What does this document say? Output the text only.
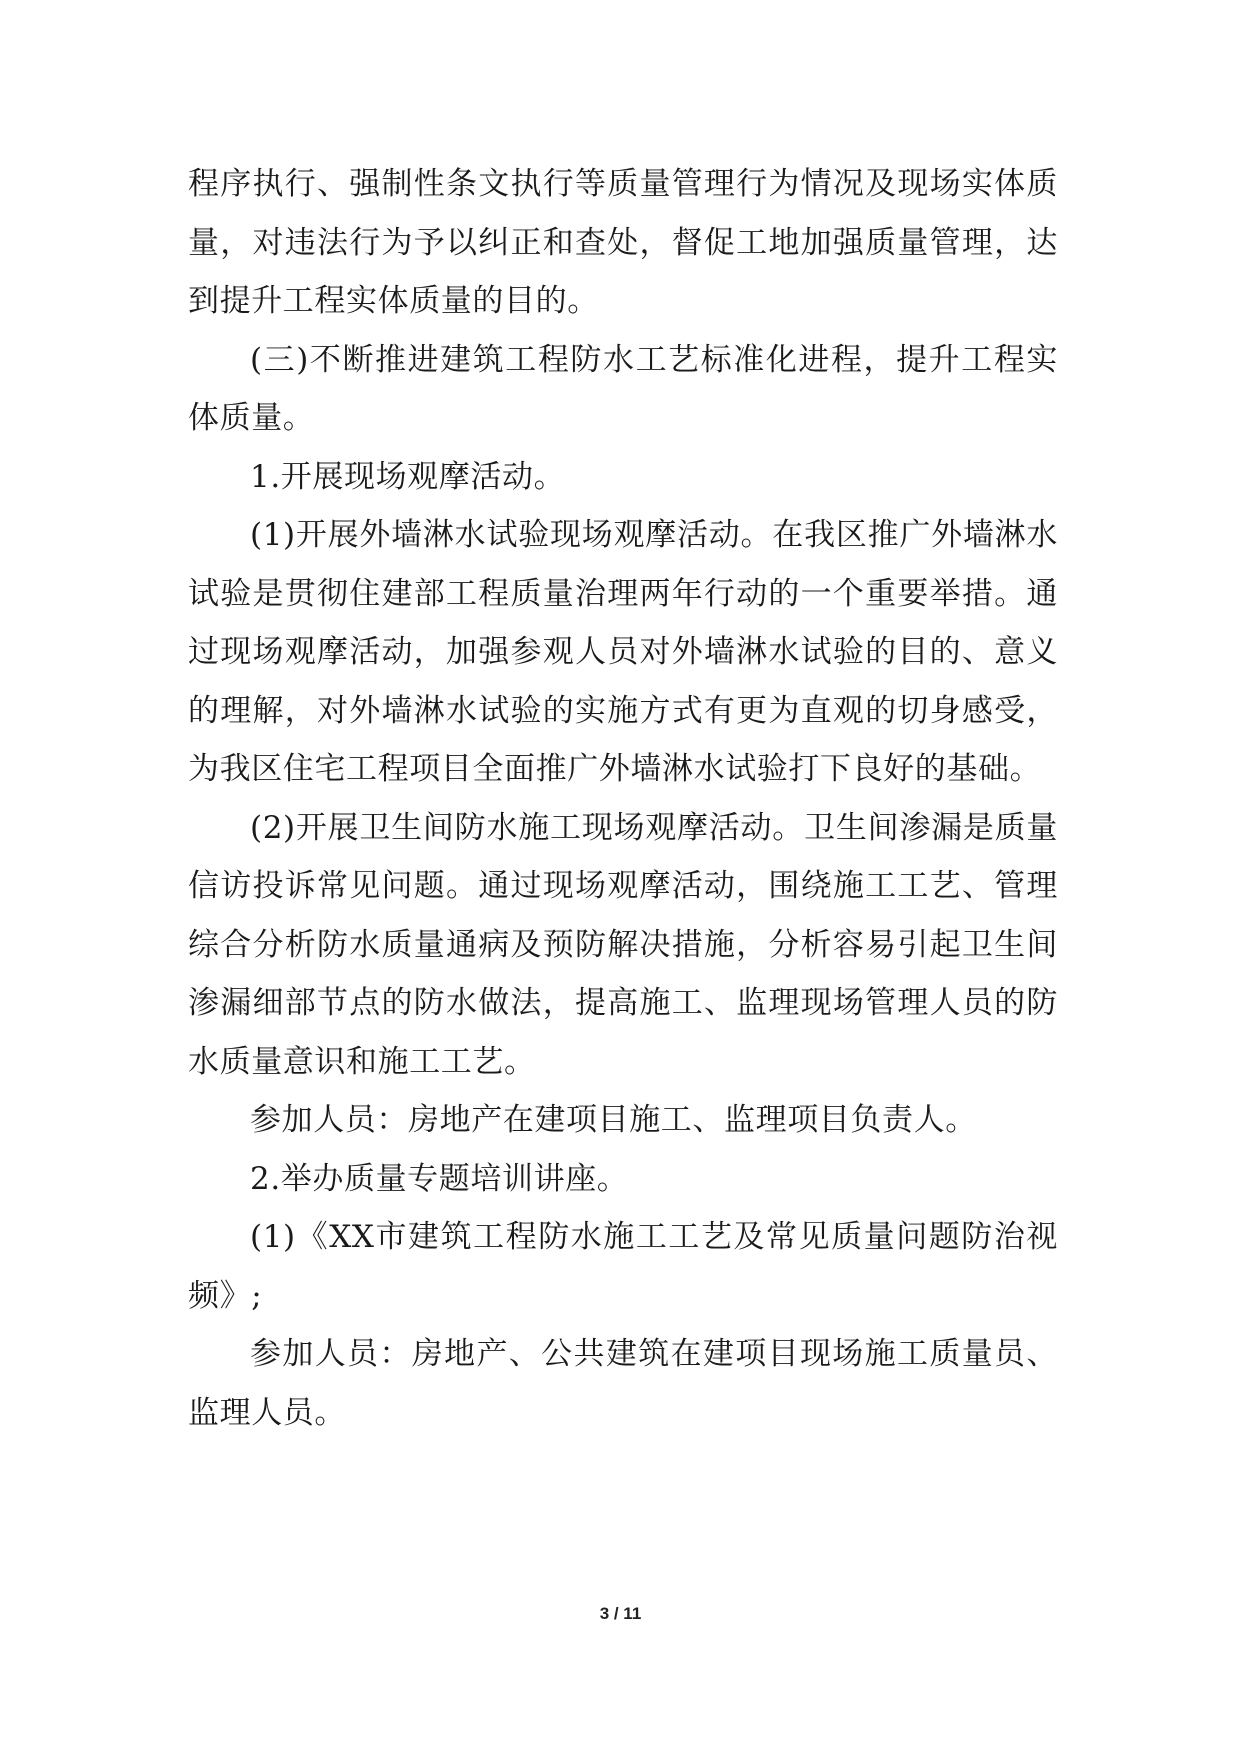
程序执行、强制性条文执行等质量管理行为情况及现场实体质量，对违法行为予以纠正和查处，督促工地加强质量管理，达到提升工程实体质量的目的。

(三)不断推进建筑工程防水工艺标准化进程，提升工程实体质量。

1.开展现场观摩活动。

(1)开展外墙淋水试验现场观摩活动。在我区推广外墙淋水试验是贯彻住建部工程质量治理两年行动的一个重要举措。通过现场观摩活动，加强参观人员对外墙淋水试验的目的、意义的理解，对外墙淋水试验的实施方式有更为直观的切身感受，为我区住宅工程项目全面推广外墙淋水试验打下良好的基础。

(2)开展卫生间防水施工现场观摩活动。卫生间渗漏是质量信访投诉常见问题。通过现场观摩活动，围绕施工工艺、管理综合分析防水质量通病及预防解决措施，分析容易引起卫生间渗漏细部节点的防水做法，提高施工、监理现场管理人员的防水质量意识和施工工艺。

参加人员：房地产在建项目施工、监理项目负责人。

2.举办质量专题培训讲座。

(1)《XX市建筑工程防水施工工艺及常见质量问题防治视频》;

参加人员：房地产、公共建筑在建项目现场施工质量员、监理人员。

3 / 11
